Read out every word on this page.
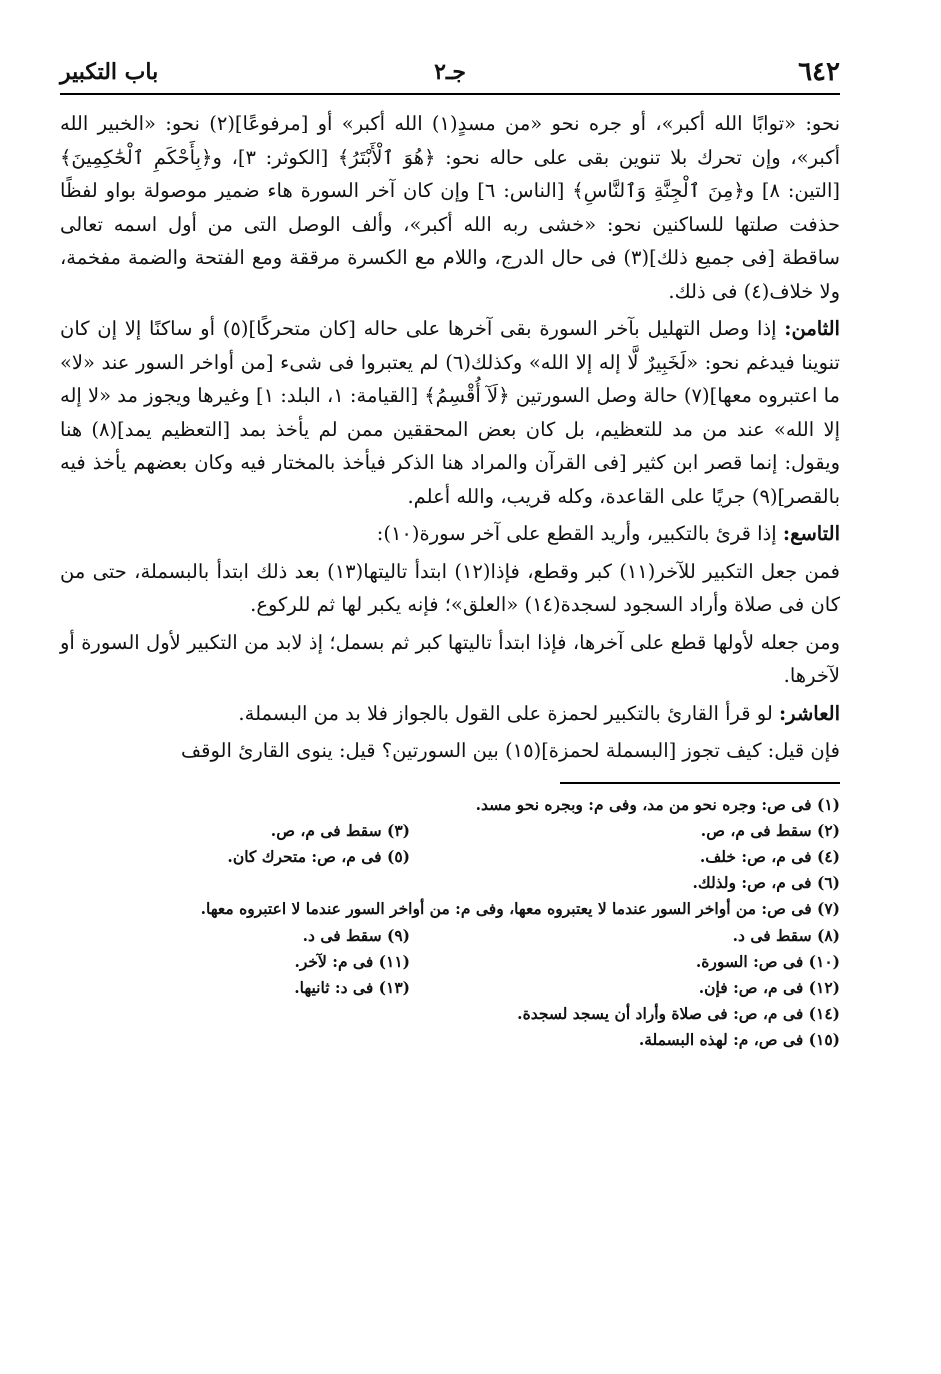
٦٤٢
جـ٢
باب التكبير

نحو: «توابًا الله أكبر»، أو جره نحو «من مسدٍ(١) الله أكبر» أو [مرفوعًا](٢) نحو: «الخبير الله أكبر»، وإن تحرك بلا تنوين بقى على حاله نحو: ﴿هُوَ ٱلْأَبْتَرُ﴾ [الكوثر: ٣]، و﴿بِأَحْكَمِ ٱلْحَٰكِمِينَ﴾ [التين: ٨] و﴿مِنَ ٱلْجِنَّةِ وَٱلنَّاسِ﴾ [الناس: ٦] وإن كان آخر السورة هاء ضمير موصولة بواو لفظًا حذفت صلتها للساكنين نحو: «خشى ربه الله أكبر»، وألف الوصل التى من أول اسمه تعالى ساقطة [فى جميع ذلك](٣) فى حال الدرج، واللام مع الكسرة مرققة ومع الفتحة والضمة مفخمة، ولا خلاف(٤) فى ذلك.

الثامن: إذا وصل التهليل بآخر السورة بقى آخرها على حاله [كان متحركًا](٥) أو ساكنًا إلا إن كان تنوينا فيدغم نحو: «لَخَبِيرٌ لَّا إله إلا الله» وكذلك(٦) لم يعتبروا فى شىء [من أواخر السور عند «لا» ما اعتبروه معها](٧) حالة وصل السورتين ﴿لَآ أُقْسِمُ﴾ [القيامة: ١، البلد: ١] وغيرها ويجوز مد «لا إله إلا الله» عند من مد للتعظيم، بل كان بعض المحققين ممن لم يأخذ بمد [التعظيم يمد](٨) هنا ويقول: إنما قصر ابن كثير [فى القرآن والمراد هنا الذكر فيأخذ بالمختار فيه وكان بعضهم يأخذ فيه بالقصر](٩) جريًا على القاعدة، وكله قريب، والله أعلم.

التاسع: إذا قرئ بالتكبير، وأريد القطع على آخر سورة(١٠):

فمن جعل التكبير للآخر(١١) كبر وقطع، فإذا(١٢) ابتدأ تاليتها(١٣) بعد ذلك ابتدأ بالبسملة، حتى من كان فى صلاة وأراد السجود لسجدة(١٤) «العلق»؛ فإنه يكبر لها ثم للركوع.

ومن جعله لأولها قطع على آخرها، فإذا ابتدأ تاليتها كبر ثم بسمل؛ إذ لابد من التكبير لأول السورة أو لآخرها.

العاشر: لو قرأ القارئ بالتكبير لحمزة على القول بالجواز فلا بد من البسملة.

فإن قيل: كيف تجوز [البسملة لحمزة](١٥) بين السورتين؟ قيل: ينوى القارئ الوقف

(١) فى ص: وجره نحو من مد، وفى م: وبجره نحو مسد.
(٢) سقط فى م، ص.
(٣) سقط فى م، ص.
(٤) فى م، ص: خلف.
(٥) فى م، ص: متحرك كان.
(٦) فى م، ص: ولذلك.
(٧) فى ص: من أواخر السور عندما لا يعتبروه معها، وفى م: من أواخر السور عندما لا اعتبروه معها.
(٨) سقط فى د.
(٩) سقط فى د.
(١٠) فى ص: السورة.
(١١) فى م: لآخر.
(١٢) فى م، ص: فإن.
(١٣) فى د: ثانيها.
(١٤) فى م، ص: فى صلاة وأراد أن يسجد لسجدة.
(١٥) فى ص، م: لهذه البسملة.
